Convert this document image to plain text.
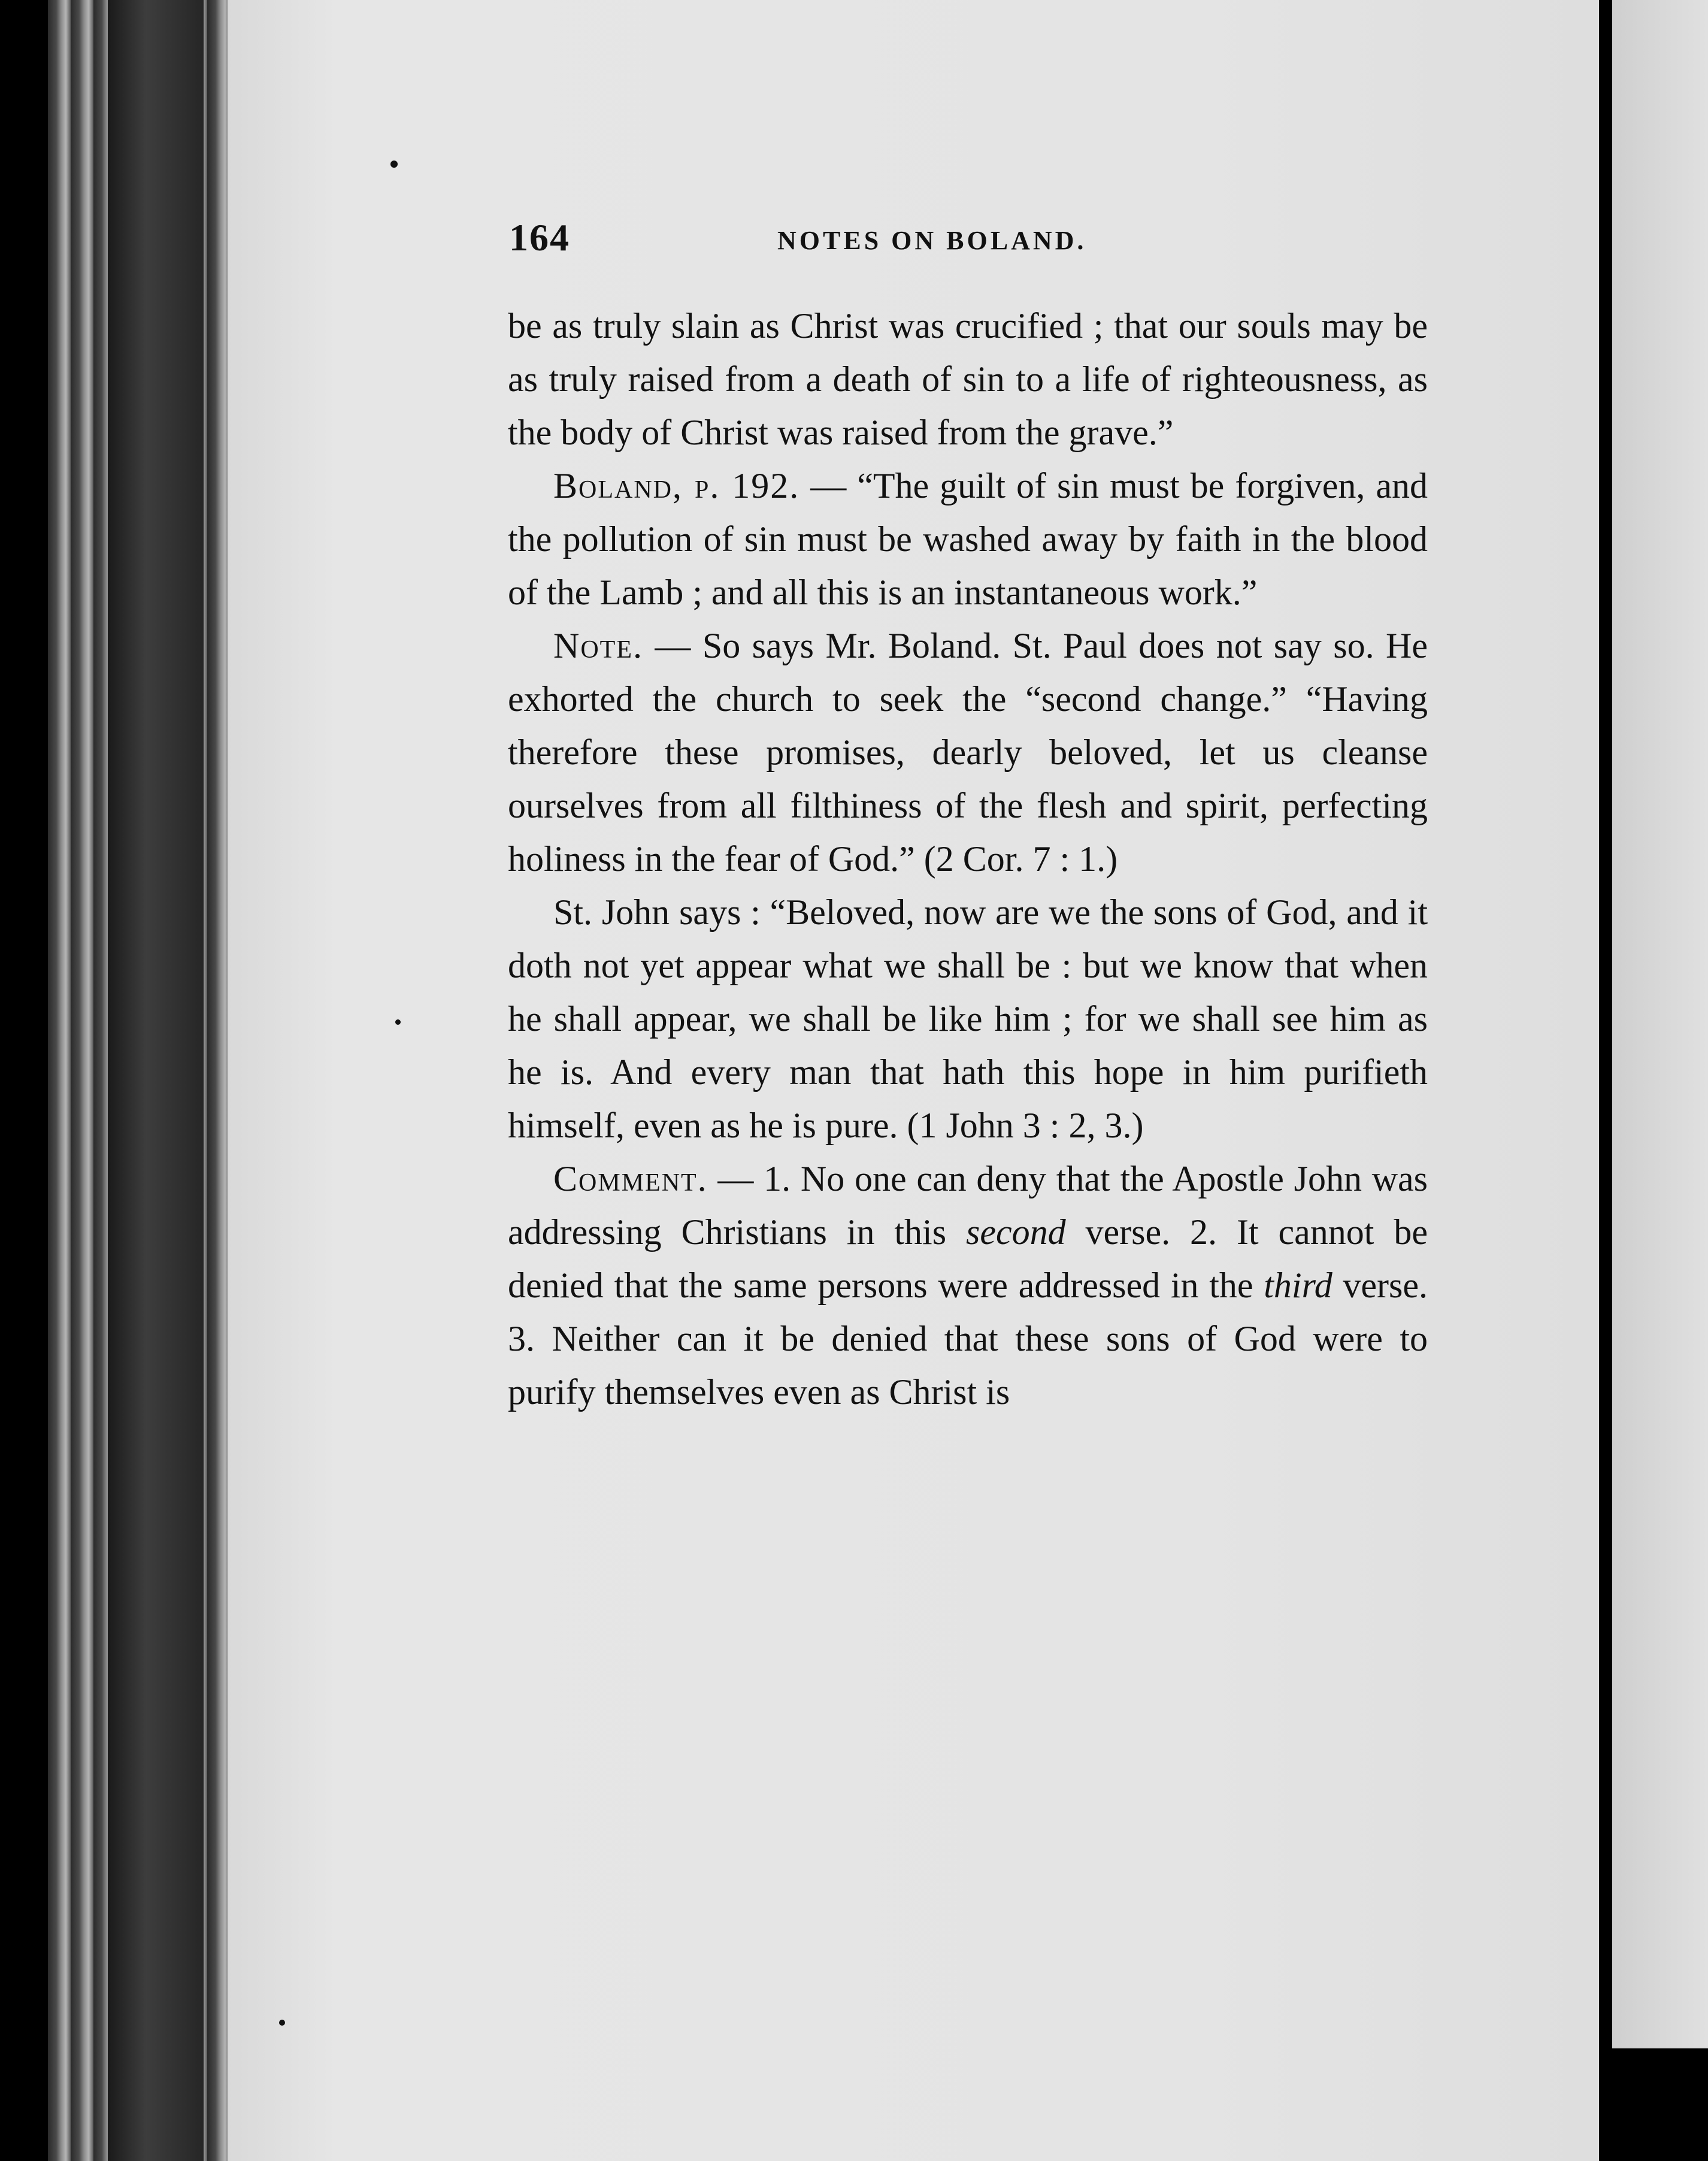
164	NOTES ON BOLAND.

be as truly slain as Christ was crucified ; that our souls may be as truly raised from a death of sin to a life of righteousness, as the body of Christ was raised from the grave.”

Boland, p. 192. — “The guilt of sin must be forgiven, and the pollution of sin must be washed away by faith in the blood of the Lamb ; and all this is an instantaneous work.”

Note. — So says Mr. Boland. St. Paul does not say so. He exhorted the church to seek the “second change.” “Having therefore these promises, dearly beloved, let us cleanse ourselves from all filthiness of the flesh and spirit, perfecting holiness in the fear of God.” (2 Cor. 7 : 1.)

St. John says : “Beloved, now are we the sons of God, and it doth not yet appear what we shall be : but we know that when he shall appear, we shall be like him ; for we shall see him as he is. And every man that hath this hope in him purifieth himself, even as he is pure. (1 John 3 : 2, 3.)

Comment. — 1. No one can deny that the Apostle John was addressing Christians in this second verse. 2. It cannot be denied that the same persons were addressed in the third verse. 3. Neither can it be denied that these sons of God were to purify themselves even as Christ is
